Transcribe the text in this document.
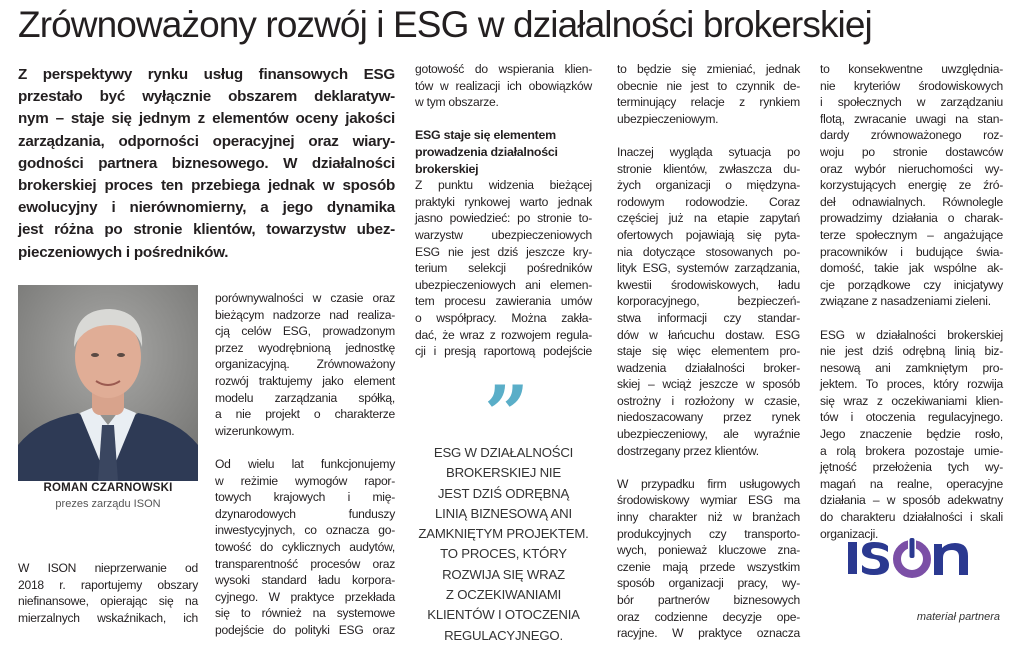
Zrównoważony rozwój i ESG w działalności brokerskiej
Z perspektywy rynku usług finansowych ESG
przestało być wyłącznie obszarem deklaratyw-
nym – staje się jednym z elementów oceny jakości
zarządzania, odporności operacyjnej oraz wiary-
godności partnera biznesowego. W działalności
brokerskiej proces ten przebiega jednak w sposób
ewolucyjny i nierównomierny, a jego dynamika
jest różna po stronie klientów, towarzystw ubez-
pieczeniowych i pośredników.
ROMAN CZARNOWSKI
prezes zarządu ISON
W ISON nieprzerwanie od
2018 r. raportujemy obszary
niefinansowe, opierając się na
mierzalnych wskaźnikach, ich
porównywalności w czasie oraz
bieżącym nadzorze nad realiza-
cją celów ESG, prowadzonym
przez wyodrębnioną jednostkę
organizacyjną. Zrównoważony
rozwój traktujemy jako element
modelu zarządzania spółką,
a nie projekt o charakterze
wizerunkowym.
Od wielu lat funkcjonujemy
w reżimie wymogów rapor-
towych krajowych i mię-
dzynarodowych funduszy
inwestycyjnych, co oznacza go-
towość do cyklicznych audytów,
transparentność procesów oraz
wysoki standard ładu korpora-
cyjnego. W praktyce przekłada
się to również na systemowe
podejście do polityki ESG oraz
gotowość do wspierania klien-
tów w realizacji ich obowiązków
w tym obszarze.
ESG staje się elementem
prowadzenia działalności
brokerskiej
Z punktu widzenia bieżącej
praktyki rynkowej warto jednak
jasno powiedzieć: po stronie to-
warzystw ubezpieczeniowych
ESG nie jest dziś jeszcze kry-
terium selekcji pośredników
ubezpieczeniowych ani elemen-
tem procesu zawierania umów
o współpracy. Można zakła-
dać, że wraz z rozwojem regula-
cji i presją raportową podejście
to będzie się zmieniać, jednak
obecnie nie jest to czynnik de-
terminujący relacje z rynkiem
ubezpieczeniowym.
Inaczej wygląda sytuacja po
stronie klientów, zwłaszcza du-
żych organizacji o międzyna-
rodowym rodowodzie. Coraz
częściej już na etapie zapytań
ofertowych pojawiają się pyta-
nia dotyczące stosowanych po-
lityk ESG, systemów zarządzania,
kwestii środowiskowych, ładu
korporacyjnego, bezpieczeń-
stwa informacji czy standar-
dów w łańcuchu dostaw. ESG
staje się więc elementem pro-
wadzenia działalności broker-
skiej – wciąż jeszcze w sposób
ostrożny i rozłożony w czasie,
niedoszacowany przez rynek
ubezpieczeniowy, ale wyraźnie
dostrzegany przez klientów.
W przypadku firm usługowych
środowiskowy wymiar ESG ma
inny charakter niż w branżach
produkcyjnych czy transporto-
wych, ponieważ kluczowe zna-
czenie mają przede wszystkim
sposób organizacji pracy, wy-
bór partnerów biznesowych
oraz codzienne decyzje ope-
racyjne. W praktyce oznacza
to konsekwentne uwzględnia-
nie kryteriów środowiskowych
i społecznych w zarządzaniu
flotą, zwracanie uwagi na stan-
dardy zrównoważonego roz-
woju po stronie dostawców
oraz wybór nieruchomości wy-
korzystujących energię ze źró-
deł odnawialnych. Równolegle
prowadzimy działania o charak-
terze społecznym – angażujące
pracowników i budujące świa-
domość, takie jak wspólne ak-
cje porządkowe czy inicjatywy
związane z nasadzeniami zieleni.
ESG w działalności brokerskiej
nie jest dziś odrębną linią biz-
nesową ani zamkniętym pro-
jektem. To proces, który rozwija
się wraz z oczekiwaniami klien-
tów i otoczenia regulacyjnego.
Jego znaczenie będzie rosło,
a rolą brokera pozostaje umie-
jętność przełożenia tych wy-
magań na realne, operacyjne
działania – w sposób adekwatny
do charakteru działalności i skali
organizacji.
”
ESG W DZIAŁALNOŚCI
BROKERSKIEJ NIE
JEST DZIŚ ODRĘBNĄ
LINIĄ BIZNESOWĄ ANI
ZAMKNIĘTYM PROJEKTEM.
TO PROCES, KTÓRY
ROZWIJA SIĘ WRAZ
Z OCZEKIWANIAMI
KLIENTÓW I OTOCZENIA
REGULACYJNEGO.
materiał partnera
